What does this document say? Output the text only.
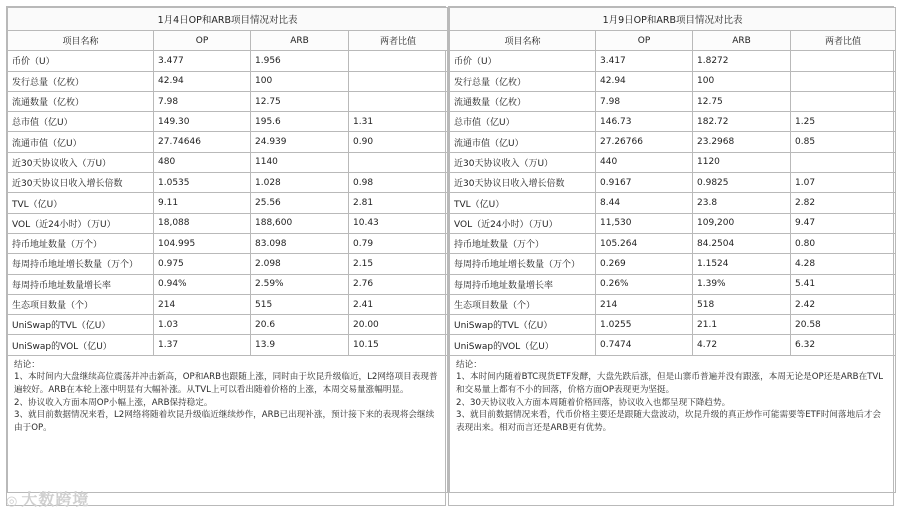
1月4日OP和ARB项目情况对比表			
项目名称	OP	ARB	两者比值
币价（U）	3.477	1.956	
发行总量（亿枚）	42.94	100	
流通数量（亿枚）	7.98	12.75	
总市值（亿U）	149.30	195.6	1.31
流通市值（亿U）	27.74646	24.939	0.90
近30天协议收入（万U）	480	1140	
近30天协议日收入增长倍数	1.0535	1.028	0.98
TVL（亿U）	9.11	25.56	2.81
VOL（近24小时）（万U）	18,088	188,600	10.43
持币地址数量（万个）	104.995	83.098	0.79
每周持币地址增长数量（万个）	0.975	2.098	2.15
每周持币地址数量增长率	0.94%	2.59%	2.76
生态项目数量（个）	214	515	2.41
UniSwap的TVL（亿U）	1.03	20.6	20.00
UniSwap的VOL（亿U）	1.37	13.9	10.15

结论：

1、本时间内大盘继续高位震荡并冲击新高，OP和ARB也跟随上涨，同时由于坎昆升级临近，L2网络项目表现普遍较好。ARB在本轮上涨中明显有大幅补涨。从TVL上可以看出随着价格的上涨，本周交易量涨幅明显。

2、协议收入方面本周OP小幅上涨，ARB保持稳定。

3、就目前数据情况来看，L2网络将随着坎昆升级临近继续炒作，ARB已出现补涨，预计接下来的表现将会继续由于OP。			

1月9日OP和ARB项目情况对比表			
项目名称	OP	ARB	两者比值
币价（U）	3.417	1.8272	
发行总量（亿枚）	42.94	100	
流通数量（亿枚）	7.98	12.75	
总市值（亿U）	146.73	182.72	1.25
流通市值（亿U）	27.26766	23.2968	0.85
近30天协议收入（万U）	440	1120	
近30天协议日收入增长倍数	0.9167	0.9825	1.07
TVL（亿U）	8.44	23.8	2.82
VOL（近24小时）（万U）	11,530	109,200	9.47
持币地址数量（万个）	105.264	84.2504	0.80
每周持币地址增长数量（万个）	0.269	1.1524	4.28
每周持币地址数量增长率	0.26%	1.39%	5.41
生态项目数量（个）	214	518	2.42
UniSwap的TVL（亿U）	1.0255	21.1	20.58
UniSwap的VOL（亿U）	0.7474	4.72	6.32

结论：

1、本时间内随着BTC现货ETF发酵，大盘先跌后涨，但是山寨币普遍并没有跟涨，本周无论是OP还是ARB在TVL和交易量上都有不小的回落，价格方面OP表现更为坚挺。

2、30天协议收入方面本周随着价格回落，协议收入也都呈现下降趋势。

3、就目前数据情况来看，代币价格主要还是跟随大盘波动，坎昆升级的真正炒作可能需要等ETF时间落地后才会表现出来。相对而言还是ARB更有优势。			

◎ 大数跨境
